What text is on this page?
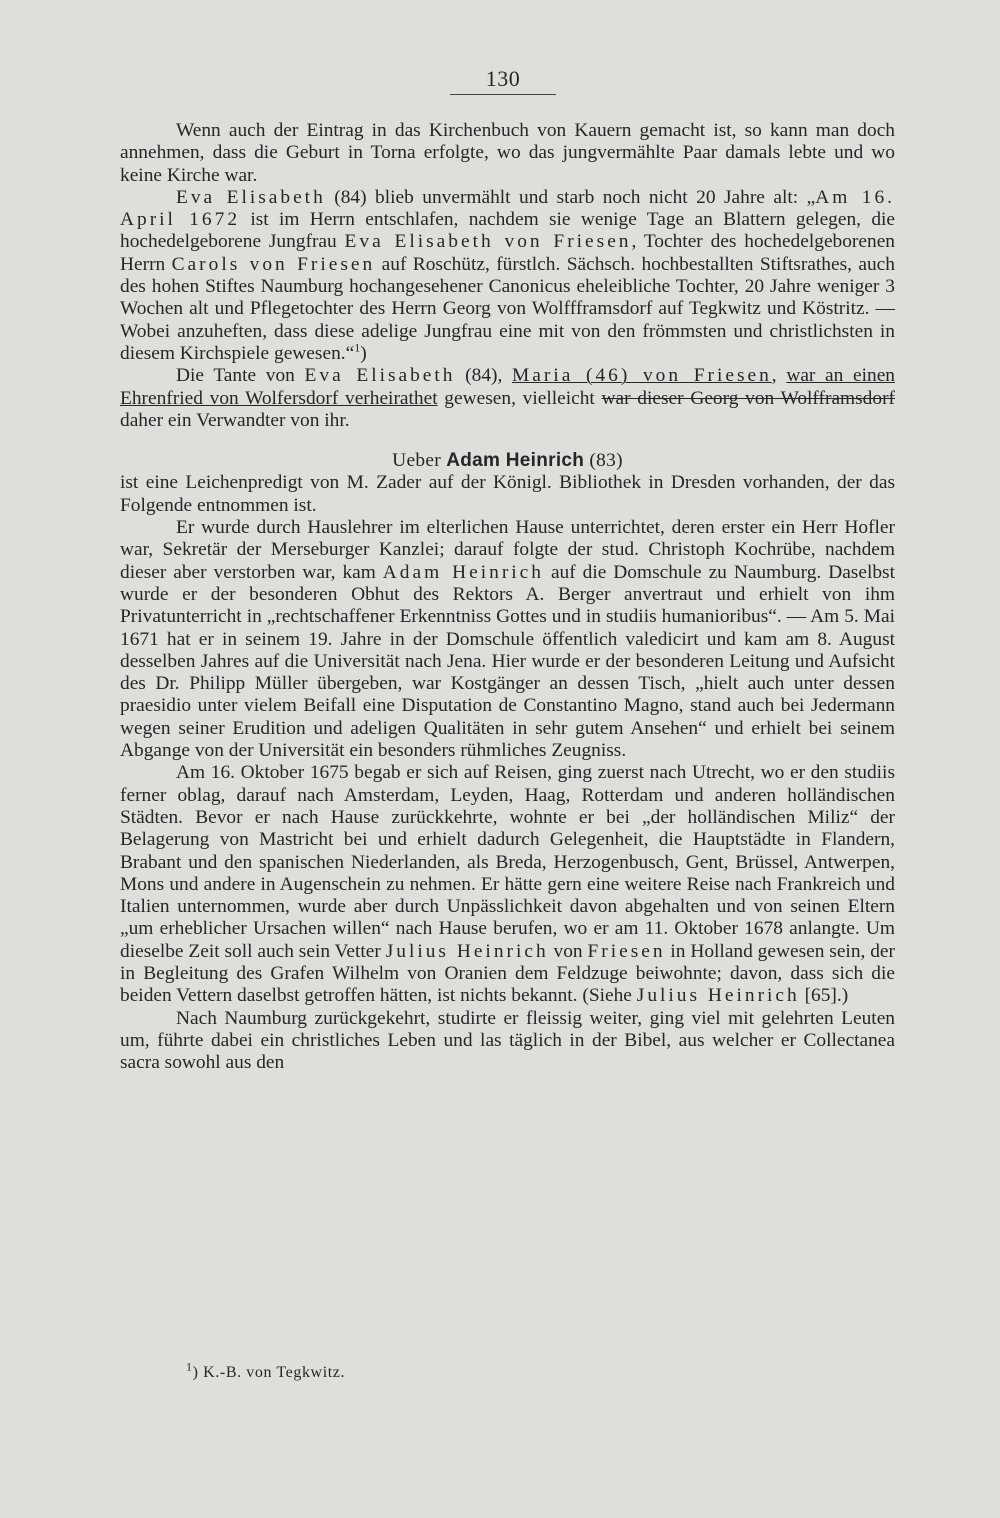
130

Wenn auch der Eintrag in das Kirchenbuch von Kauern gemacht ist, so kann man doch annehmen, dass die Geburt in Torna erfolgte, wo das jungvermählte Paar damals lebte und wo keine Kirche war.

Eva Elisabeth (84) blieb unvermählt und starb noch nicht 20 Jahre alt: „Am 16. April 1672 ist im Herrn entschlafen, nachdem sie wenige Tage an Blattern gelegen, die hochedelgeborene Jungfrau Eva Elisabeth von Friesen, Tochter des hochedelgeborenen Herrn Carols von Friesen auf Roschütz, fürstlch. Sächsch. hochbestallten Stiftsrathes, auch des hohen Stiftes Naumburg hochangesehener Canonicus eheleibliche Tochter, 20 Jahre weniger 3 Wochen alt und Pflegetochter des Herrn Georg von Wolffframsdorf auf Tegkwitz und Köstritz. — Wobei anzuheften, dass diese adelige Jungfrau eine mit von den frömmsten und christlichsten in diesem Kirchspiele gewesen.“$^1$)

Die Tante von Eva Elisabeth (84), Maria (46) von Friesen, war an einen Ehrenfried von Wolfersdorf verheirathet gewesen, vielleicht war dieser Georg von Wolfframsdorf daher ein Verwandter von ihr.

Ueber Adam Heinrich (83)

ist eine Leichenpredigt von M. Zader auf der Königl. Bibliothek in Dresden vorhanden, der das Folgende entnommen ist.

Er wurde durch Hauslehrer im elterlichen Hause unterrichtet, deren erster ein Herr Hofler war, Sekretär der Merseburger Kanzlei; darauf folgte der stud. Christoph Kochrübe, nachdem dieser aber verstorben war, kam Adam Heinrich auf die Domschule zu Naumburg. Daselbst wurde er der besonderen Obhut des Rektors A. Berger anvertraut und erhielt von ihm Privatunterricht in „rechtschaffener Erkenntniss Gottes und in studiis humanioribus“. — Am 5. Mai 1671 hat er in seinem 19. Jahre in der Domschule öffentlich valedicirt und kam am 8. August desselben Jahres auf die Universität nach Jena. Hier wurde er der besonderen Leitung und Aufsicht des Dr. Philipp Müller übergeben, war Kostgänger an dessen Tisch, „hielt auch unter dessen praesidio unter vielem Beifall eine Disputation de Constantino Magno, stand auch bei Jedermann wegen seiner Erudition und adeligen Qualitäten in sehr gutem Ansehen“ und erhielt bei seinem Abgange von der Universität ein besonders rühmliches Zeugniss.

Am 16. Oktober 1675 begab er sich auf Reisen, ging zuerst nach Utrecht, wo er den studiis ferner oblag, darauf nach Amsterdam, Leyden, Haag, Rotterdam und anderen holländischen Städten. Bevor er nach Hause zurückkehrte, wohnte er bei „der holländischen Miliz“ der Belagerung von Mastricht bei und erhielt dadurch Gelegenheit, die Hauptstädte in Flandern, Brabant und den spanischen Niederlanden, als Breda, Herzogenbusch, Gent, Brüssel, Antwerpen, Mons und andere in Augenschein zu nehmen. Er hätte gern eine weitere Reise nach Frankreich und Italien unternommen, wurde aber durch Unpässlichkeit davon abgehalten und von seinen Eltern „um erheblicher Ursachen willen“ nach Hause berufen, wo er am 11. Oktober 1678 anlangte. Um dieselbe Zeit soll auch sein Vetter Julius Heinrich von Friesen in Holland gewesen sein, der in Begleitung des Grafen Wilhelm von Oranien dem Feldzuge beiwohnte; davon, dass sich die beiden Vettern daselbst getroffen hätten, ist nichts bekannt. (Siehe Julius Heinrich [65].)

Nach Naumburg zurückgekehrt, studirte er fleissig weiter, ging viel mit gelehrten Leuten um, führte dabei ein christliches Leben und las täglich in der Bibel, aus welcher er Collectanea sacra sowohl aus den

$^1$) K.-B. von Tegkwitz.
